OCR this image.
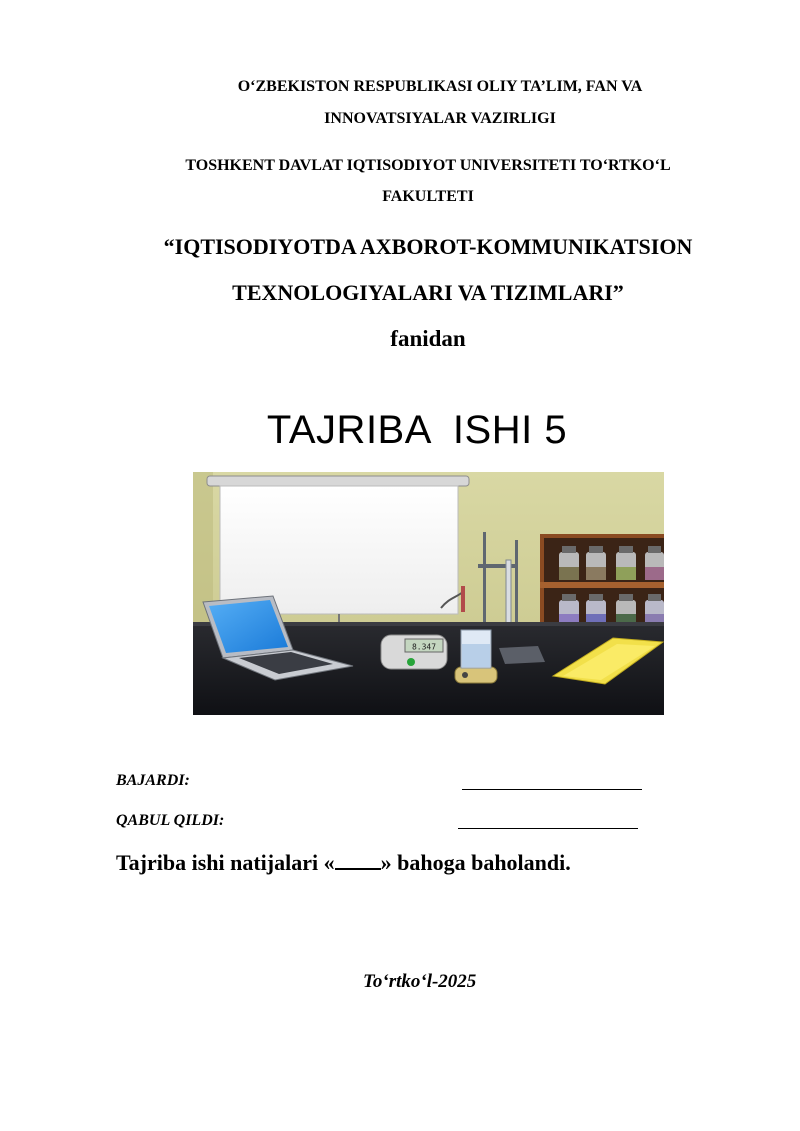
O‘ZBEKISTON RESPUBLIKASI OLIY TA’LIM, FAN VA
INNOVATSIYALAR VAZIRLIGI
TOSHKENT DAVLAT IQTISODIYOT UNIVERSITETI TO‘RTKO‘L
FAKULTETI
“IQTISODIYOTDA AXBOROT-KOMMUNIKATSION
TEXNOLOGIYALARI VA TIZIMLARI”
fanidan
TAJRIBA  ISHI 5
8.347
BAJARDI:
QABUL QILDI:
Tajriba ishi natijalari « » bahoga baholandi.
To‘rtko‘l-2025
